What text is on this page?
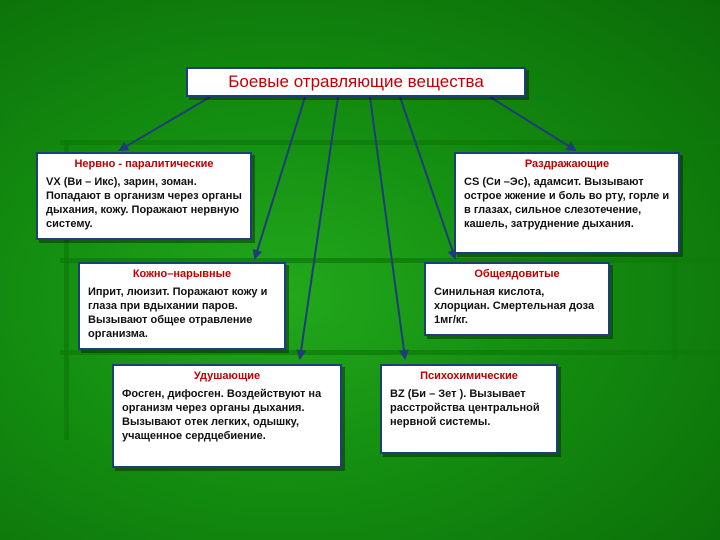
Боевые отравляющие вещества
Нервно - паралитические
VX (Ви – Икс), зарин, зоман. Попадают в организм через органы дыхания, кожу. Поражают нервную систему.
Раздражающие
CS (Си –Эс), адамсит. Вызывают острое жжение и боль во рту, горле и в глазах, сильное слезотечение, кашель, затруднение дыхания.
Кожно–нарывные
Иприт, люизит. Поражают кожу и глаза при вдыхании паров. Вызывают общее отравление организма.
Общеядовитые
Синильная кислота, хлорциан. Смертельная доза 1мг/кг.
Удушающие
Фосген, дифосген. Воздействуют на организм через органы дыхания. Вызывают отек легких, одышку, учащенное сердцебиение.
Психохимические
BZ (Би – Зет ). Вызывает расстройства центральной нервной системы.
